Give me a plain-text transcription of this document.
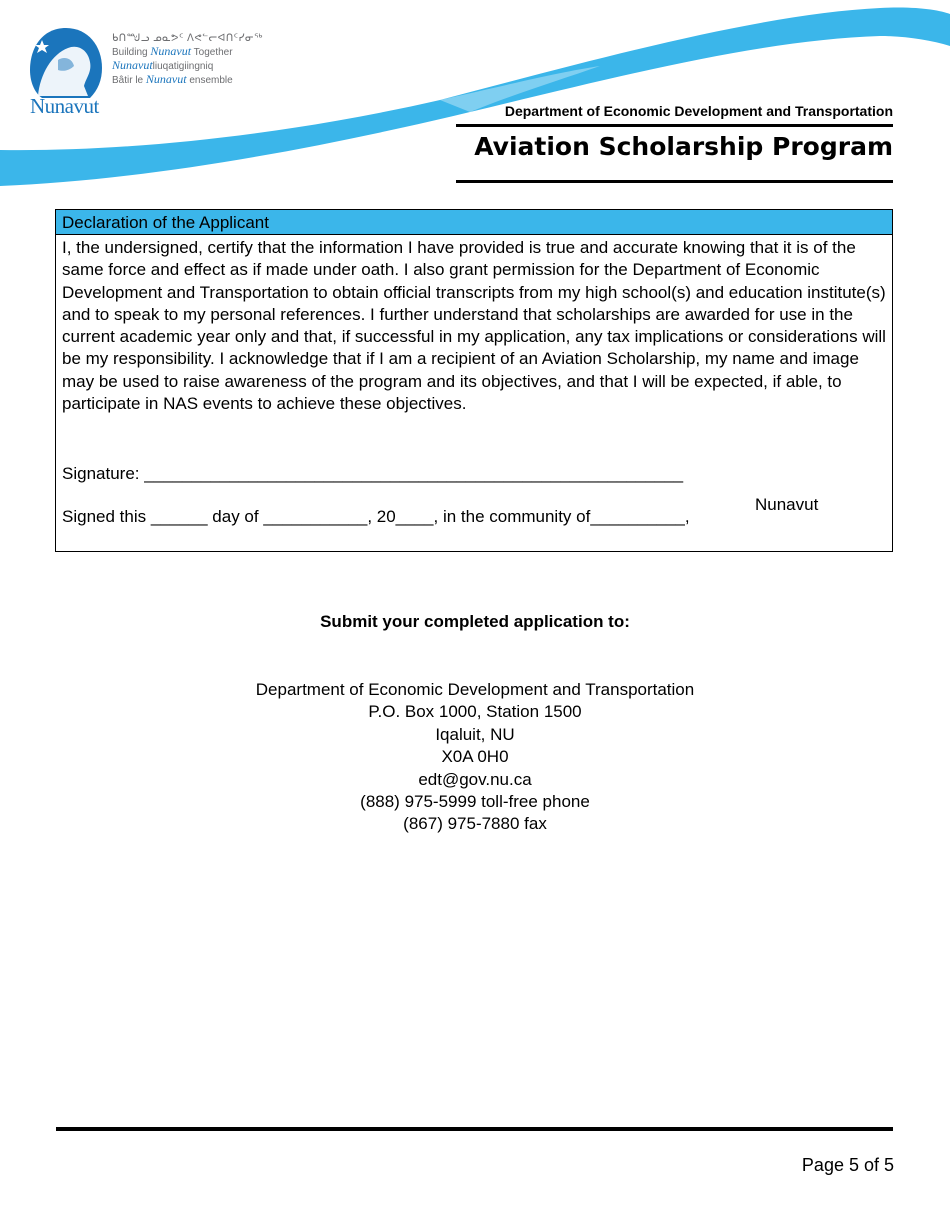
Nunavut
ᑲᑎᙳᓗ ᓄᓇᕗᑦ ᐱᕙᓪᓕᐊᑎᑦᓯᓂᖅ
Building Nunavut Together
Nunavutliuqatigiingniq
Bâtir le Nunavut ensemble
Department of Economic Development and Transportation
Aviation Scholarship Program
Declaration of the Applicant
I, the undersigned, certify that the information I have provided is true and accurate knowing that it is of the same force and effect as if made under oath. I also grant permission for the Department of Economic Development and Transportation to obtain official transcripts from my high school(s) and education institute(s) and to speak to my personal references. I further understand that scholarships are awarded for use in the current academic year only and that, if successful in my application, any tax implications or considerations will be my responsibility. I acknowledge that if I am a recipient of an Aviation Scholarship, my name and image may be used to raise awareness of the program and its objectives, and that I will be expected, if able, to participate in NAS events to achieve these objectives.
Signature: _________________________________________________________
Signed this ______ day of ___________, 20____, in the community of__________,
Nunavut
Submit your completed application to:
Department of Economic Development and Transportation
P.O. Box 1000, Station 1500
Iqaluit, NU
X0A 0H0
edt@gov.nu.ca
(888) 975-5999 toll-free phone
(867) 975-7880 fax
Page 5 of 5
